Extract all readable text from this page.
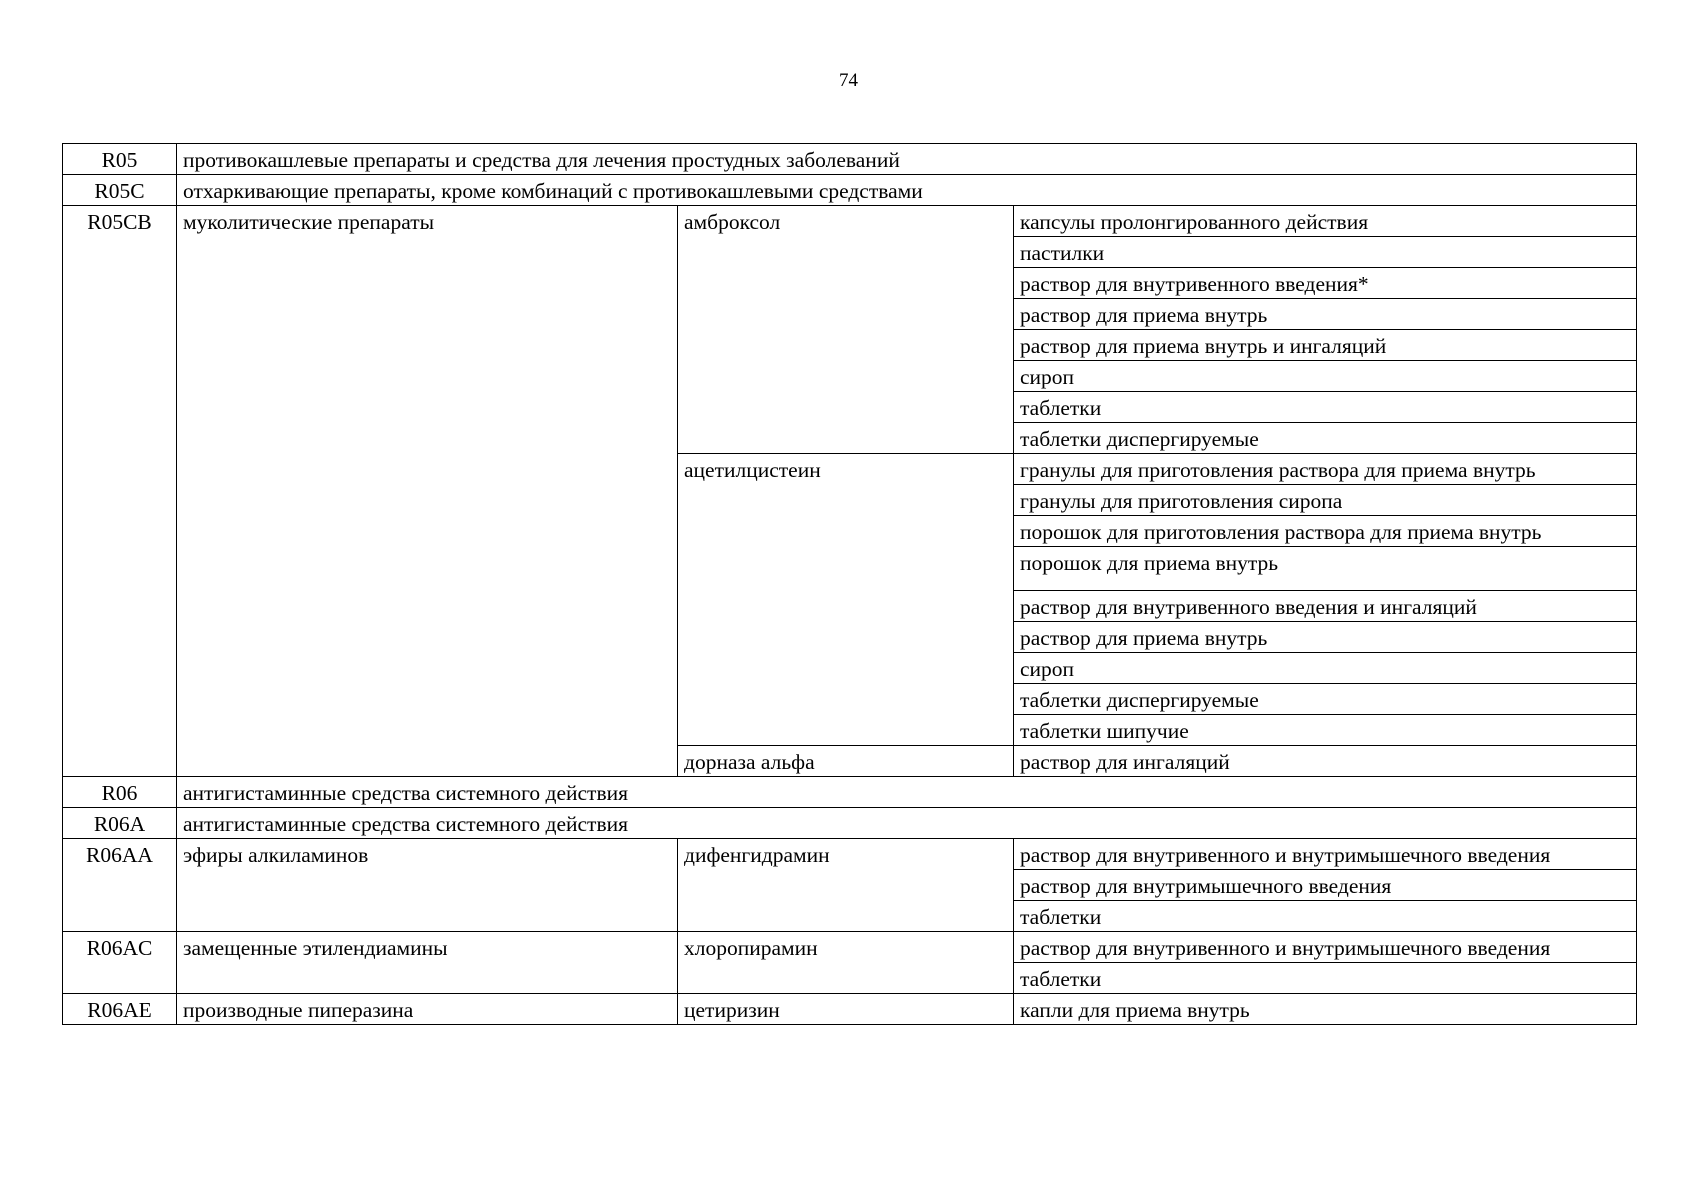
74
R05	противокашлевые препараты и средства для лечения простудных заболеваний		
R05C	отхаркивающие препараты, кроме комбинаций с противокашлевыми средствами		
R05CB	муколитические препараты	амброксол	капсулы пролонгированного действия
			пастилки
			раствор для внутривенного введения*
			раствор для приема внутрь
			раствор для приема внутрь и ингаляций
			сироп
			таблетки
			таблетки диспергируемые
		ацетилцистеин	гранулы для приготовления раствора для приема внутрь
			гранулы для приготовления сиропа
			порошок для приготовления раствора для приема внутрь
			порошок для приема внутрь
			раствор для внутривенного введения и ингаляций
			раствор для приема внутрь
			сироп
			таблетки диспергируемые
			таблетки шипучие
		дорназа альфа	раствор для ингаляций
R06	антигистаминные средства системного действия		
R06A	антигистаминные средства системного действия		
R06AA	эфиры алкиламинов	дифенгидрамин	раствор для внутривенного и внутримышечного введения
			раствор для внутримышечного введения
			таблетки
R06AC	замещенные этилендиамины	хлоропирамин	раствор для внутривенного и внутримышечного введения
			таблетки
R06AE	производные пиперазина	цетиризин	капли для приема внутрь
